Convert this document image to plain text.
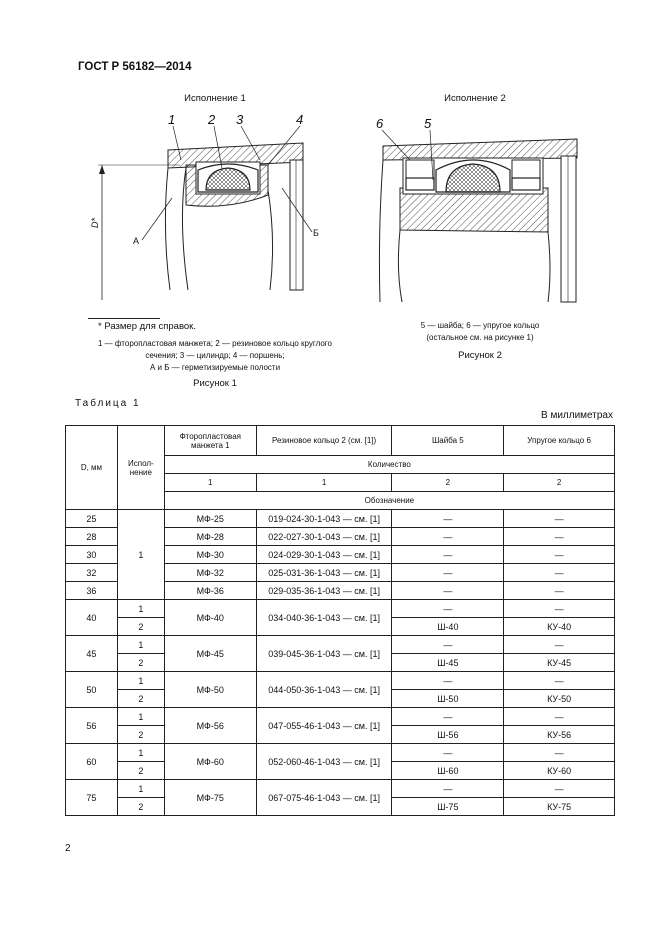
ГОСТ Р 56182—2014
Исполнение 1	Исполнение 2
1	2 3	4
А
Б
D*
6	5
* Размер для справок.
1 — фторопластовая манжета; 2 — резиновое кольцо круглого
сечения; 3 — цилиндр; 4 — поршень;
А и Б — герметизируемые полости
Рисунок 1
5 — шайба; 6 — упругое кольцо
(остальное см. на рисунке 1)
Рисунок 2
Таблица 1
В миллиметрах
D, мм	Испол-нение	Фторопластовая манжета 1	Резиновое кольцо 2 (см. [1])	Шайба 5	Упругое кольцо 6
		Количество			
		1	1	2	2
		Обозначение			
25	1	МФ-25	019-024-30-1-043 — см. [1]	—	—
28		МФ-28	022-027-30-1-043 — см. [1]	—	—
30		МФ-30	024-029-30-1-043 — см. [1]	—	—
32		МФ-32	025-031-36-1-043 — см. [1]	—	—
36		МФ-36	029-035-36-1-043 — см. [1]	—	—
40	1	МФ-40	034-040-36-1-043 — см. [1]	—	—
	2			Ш-40	КУ-40
45	1	МФ-45	039-045-36-1-043 — см. [1]	—	—
	2			Ш-45	КУ-45
50	1	МФ-50	044-050-36-1-043 — см. [1]	—	—
	2			Ш-50	КУ-50
56	1	МФ-56	047-055-46-1-043 — см. [1]	—	—
	2			Ш-56	КУ-56
60	1	МФ-60	052-060-46-1-043 — см. [1]	—	—
	2			Ш-60	КУ-60
75	1	МФ-75	067-075-46-1-043 — см. [1]	—	—
	2			Ш-75	КУ-75
2
